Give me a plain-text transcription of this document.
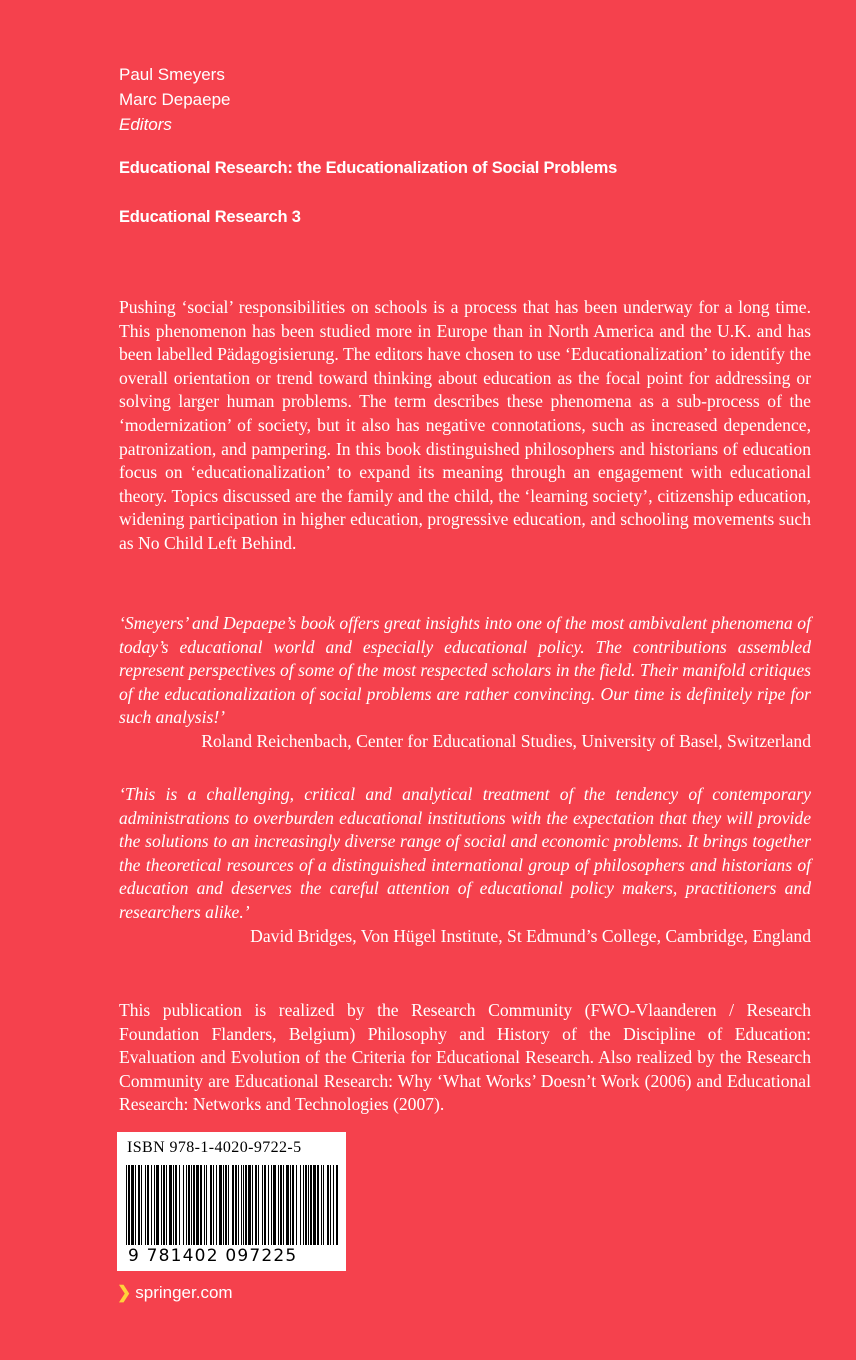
Paul Smeyers
Marc Depaepe
Editors
Educational Research: the Educationalization of Social Problems
Educational Research 3

Pushing ‘social’ responsibilities on schools is a process that has been underway for a long time. This phenomenon has been studied more in Europe than in North America and the U.K. and has been labelled Pädagogisierung. The editors have chosen to use ‘Educationalization’ to identify the overall orientation or trend toward thinking about education as the focal point for addressing or solving larger human problems. The term describes these phenomena as a sub-process of the ‘modernization’ of society, but it also has negative connotations, such as increased dependence, patronization, and pampering. In this book distinguished philosophers and historians of education focus on ‘educationalization’ to expand its meaning through an engagement with educational theory. Topics discussed are the family and the child, the ‘learning society’, citizenship education, widening participation in higher education, progressive education, and schooling movements such as No Child Left Behind.

‘Smeyers’ and Depaepe’s book offers great insights into one of the most ambivalent phenomena of today’s educational world and especially educational policy. The contributions assembled represent perspectives of some of the most respected scholars in the field. Their manifold critiques of the educationalization of social problems are rather convincing. Our time is definitely ripe for such analysis!’
Roland Reichenbach, Center for Educational Studies, University of Basel, Switzerland
‘This is a challenging, critical and analytical treatment of the tendency of contemporary administrations to overburden educational institutions with the expectation that they will provide the solutions to an increasingly diverse range of social and economic problems. It brings together the theoretical resources of a distinguished international group of philosophers and historians of education and deserves the careful attention of educational policy makers, practitioners and researchers alike.’
David Bridges, Von Hügel Institute, St Edmund’s College, Cambridge, England

This publication is realized by the Research Community (FWO-Vlaanderen / Research Foundation Flanders, Belgium) Philosophy and History of the Discipline of Education: Evaluation and Evolution of the Criteria for Educational Research. Also realized by the Research Community are Educational Research: Why ‘What Works’ Doesn’t Work (2006) and Educational Research: Networks and Technologies (2007).

ISBN 978-1-4020-9722-5
9 781402 097225
❯ springer.com
